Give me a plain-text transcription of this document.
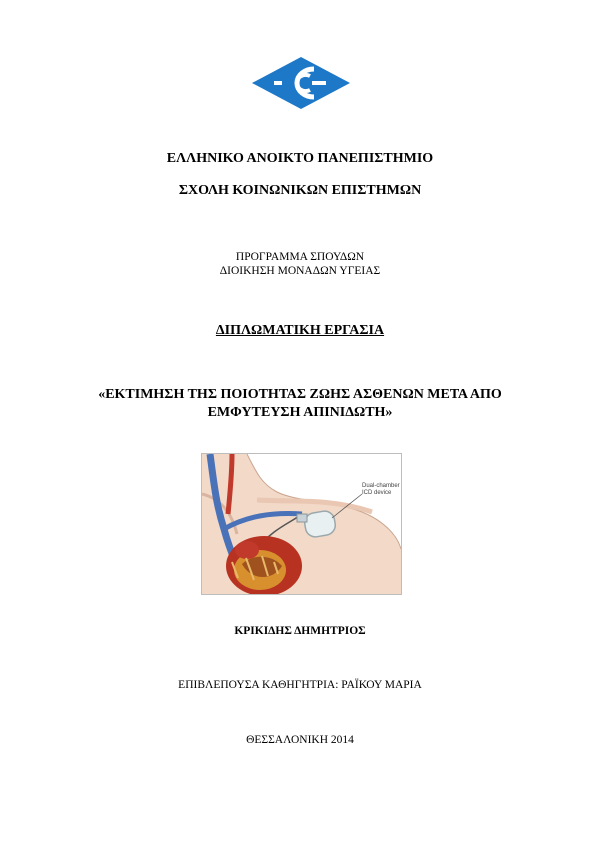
ΕΛΛΗΝΙΚΟ ΑΝΟΙΚΤΟ ΠΑΝΕΠΙΣΤΗΜΙΟ
ΣΧΟΛΗ ΚΟΙΝΩΝΙΚΩΝ ΕΠΙΣΤΗΜΩΝ
ΠΡΟΓΡΑΜΜΑ ΣΠΟΥΔΩΝ
ΔΙΟΙΚΗΣΗ ΜΟΝΑΔΩΝ ΥΓΕΙΑΣ
ΔΙΠΛΩΜΑΤΙΚΗ ΕΡΓΑΣΙΑ
«ΕΚΤΙΜΗΣΗ ΤΗΣ ΠΟΙΟΤΗΤΑΣ ΖΩΗΣ ΑΣΘΕΝΩΝ ΜΕΤΑ ΑΠΟ
ΕΜΦΥΤΕΥΣΗ ΑΠΙΝΙΔΩΤΗ»
Dual-chamber
ICD device
ΚΡΙΚΙΔΗΣ ΔΗΜΗΤΡΙΟΣ
ΕΠΙΒΛΕΠΟΥΣΑ ΚΑΘΗΓΗΤΡΙΑ: ΡΑΪΚΟΥ ΜΑΡΙΑ
ΘΕΣΣΑΛΟΝΙΚΗ 2014
